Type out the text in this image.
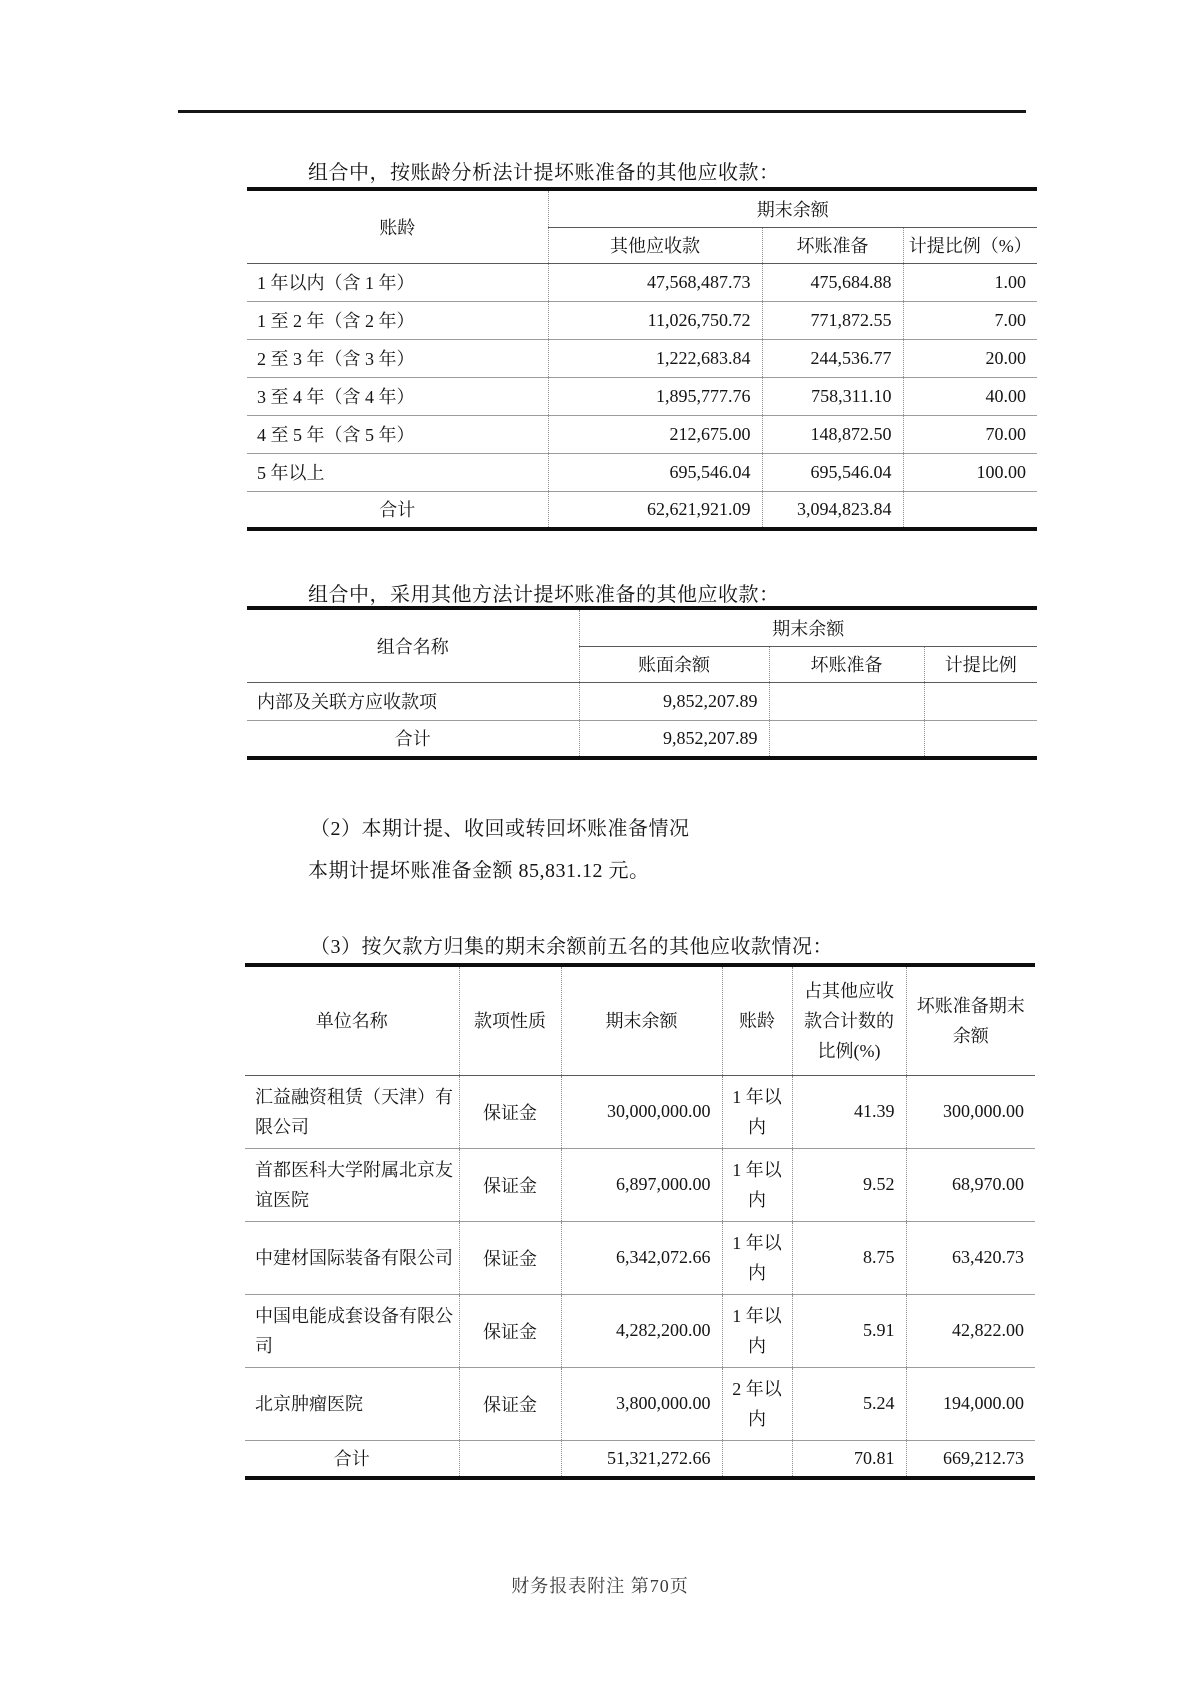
组合中，按账龄分析法计提坏账准备的其他应收款：
账龄	期末余额		
	其他应收款	坏账准备	计提比例（%）
1 年以内（含 1 年）	47,568,487.73	475,684.88	1.00
1 至 2 年（含 2 年）	11,026,750.72	771,872.55	7.00
2 至 3 年（含 3 年）	1,222,683.84	244,536.77	20.00
3 至 4 年（含 4 年）	1,895,777.76	758,311.10	40.00
4 至 5 年（含 5 年）	212,675.00	148,872.50	70.00
5 年以上	695,546.04	695,546.04	100.00
合计	62,621,921.09	3,094,823.84	
组合中，采用其他方法计提坏账准备的其他应收款：
组合名称	期末余额		
	账面余额	坏账准备	计提比例
内部及关联方应收款项	9,852,207.89		
合计	9,852,207.89		
（2）本期计提、收回或转回坏账准备情况
本期计提坏账准备金额 85,831.12 元。
（3）按欠款方归集的期末余额前五名的其他应收款情况：
单位名称	款项性质	期末余额	账龄	占其他应收款合计数的比例(%)	坏账准备期末余额
汇益融资租赁（天津）有限公司	保证金	30,000,000.00	1 年以内	41.39	300,000.00
首都医科大学附属北京友谊医院	保证金	6,897,000.00	1 年以内	9.52	68,970.00
中建材国际装备有限公司	保证金	6,342,072.66	1 年以内	8.75	63,420.73
中国电能成套设备有限公司	保证金	4,282,200.00	1 年以内	5.91	42,822.00
北京肿瘤医院	保证金	3,800,000.00	2 年以内	5.24	194,000.00
合计		51,321,272.66		70.81	669,212.73
财务报表附注 第70页
